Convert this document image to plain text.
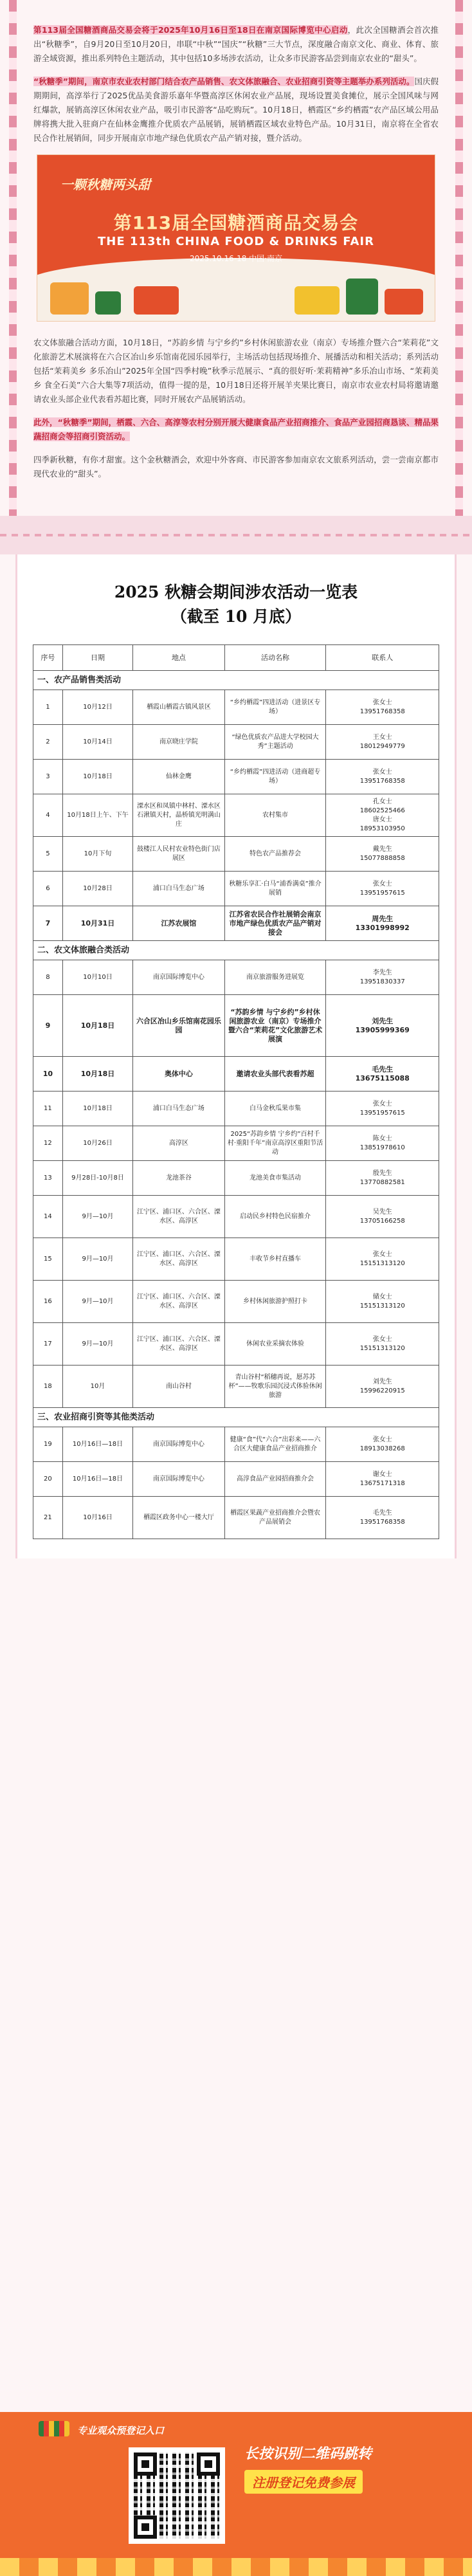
第113届全国糖酒商品交易会将于2025年10月16日至18日在南京国际博览中心启动，此次全国糖酒会首次推出“秋糖季”，自9月20日至10月20日，串联“中秋”“国庆”“秋糖”三大节点，深度融合南京文化、商业、体育、旅游全域资源，推出系列特色主题活动，其中包括10多场涉农活动，让众多市民游客品尝到南京农业的“甜头”。

“秋糖季”期间，南京市农业农村部门结合农产品销售、农文体旅融合、农业招商引资等主题举办系列活动。国庆假期期间，高淳举行了2025优品美食游乐嘉年华暨高淳区休闲农业产品展，现场设置美食摊位，展示全国风味与网红爆款，展销高淳区休闲农业产品，吸引市民游客“品吃购玩”。10月18日，栖霞区“乡约栖霞”农产品区域公用品牌将携大批入驻商户在仙林金鹰推介优质农产品展销，展销栖霞区域农业特色产品。10月31日，南京将在全省农民合作社展销间，同步开展南京市地产绿色优质农产品产销对接，暨介活动。

一颗秋糖两头甜
第113届全国糖酒商品交易会
THE 113th CHINA FOOD & DRINKS FAIR
2025.10.16-18 中国·南京

农文体旅融合活动方面，10月18日，“苏韵乡情 与宁乡约”乡村休闲旅游农业（南京）专场推介暨六合“茉莉花”文化旅游艺术展演将在六合区冶山乡乐馆南花园乐园举行，主场活动包括现场推介、展播活动和相关活动；系列活动包括“茉莉美乡 多乐冶山”2025年全国“四季村晚”秋季示范展示、“真的很好听·茉莉精神”多乐冶山市场、“茉莉美乡 食全石美”六合大集等7项活动，值得一提的是，10月18日还将开展羊夹果比赛日，南京市农业农村局将邀请邀请农业头部企业代表看苏超比赛，同时开展农产品展销活动。

此外，“秋糖季”期间，栖霞、六合、高淳等农村分别开展大健康食品产业招商推介、食品产业园招商恳谈、精品果蔬招商会等招商引资活动。

四季新秋糖，有你才甜蜜。这个金秋糖酒会，欢迎中外客商、市民游客参加南京农文旅系列活动，尝一尝南京都市现代农业的“甜头”。

2025 秋糖会期间涉农活动一览表
（截至 10 月底）
序号	日期	地点	活动名称	联系人
一、农产品销售类活动				
1	10月12日	栖霞山栖霞古镇风景区	“乡约栖霞”四进活动（进景区专场）	张女士
13951768358
2	10月14日	南京晓庄学院	“绿色优质农产品进大学校园大秀”主题活动	王女士
18012949779
3	10月18日	仙林金鹰	“乡约栖霞”四进活动（进商超专场）	张女士
13951768358
4	10月18日上午、下午	溧水区和凤镇中林村、溧水区石湫镇天村，晶桥镇光明满山庄	农村集市	孔女士
18602525466
唐女士
18953103950
5	10月下旬	鼓楼江人民村农业特色街门店展区	特色农产品推荐会	戴先生
15077888858
6	10月28日	浦口白马生态广场	秋糖乐享汇·白马“浦香满桌”推介展销	张女士
13951957615
7	10月31日	江苏农展馆	江苏省农民合作社展销会南京市地产绿色优质农产品产销对接会	周先生
13301998992
二、农文体旅融合类活动				
8	10月10日	南京国际博览中心	南京旅游服务进展览	李先生
13951830337
9	10月18日	六合区冶山乡乐馆南花园乐园	“苏韵乡情 与宁乡约”乡村休闲旅游农业（南京）专场推介暨六合“茉莉花”文化旅游艺术展演	刘先生
13905999369
10	10月18日	奥体中心	邀请农业头部代表看苏超	毛先生
13675115088
11	10月18日	浦口白马生态广场	白马金秋瓜果市集	张女士
13951957615
12	10月26日	高淳区	2025“苏韵乡情 宁乡约”百村千村·重阳千年”南京高淳区重阳节活动	陈女士
13851978610
13	9月28日-10月8日	龙池茶谷	龙池美食市集活动	殷先生
13770882581
14	9月—10月	江宁区、浦口区、六合区、溧水区、高淳区	启动民乡村特色民宿推介	吴先生
13705166258
15	9月—10月	江宁区、浦口区、六合区、溧水区、高淳区	丰收节乡村直播车	张女士
15151313120
16	9月—10月	江宁区、浦口区、六合区、溧水区、高淳区	乡村休闲旅游护照打卡	储女士
15151313120
17	9月—10月	江宁区、浦口区、六合区、溧水区、高淳区	休闲农业采摘农体验	张女士
15151313120
18	10月	南山谷村	青山谷村“稻穗再说，愿苏苏杯”——牧歌乐园沉浸式体验休闲旅游	刘先生
15996220915
三、农业招商引资等其他类活动				
19	10月16日—18日	南京国际博览中心	健康“食”代“六合”出彩来——六合区大健康食品产业招商推介	张女士
18913038268
20	10月16日—18日	南京国际博览中心	高淳食品产业园招商推介会	谢女士
13675171318
21	10月16日	栖霞区政务中心一楼大厅	栖霞区果蔬产业招商推介会暨农产品展销会	毛先生
13951768358
专业观众预登记入口
长按识别二维码跳转
注册登记免费参展
